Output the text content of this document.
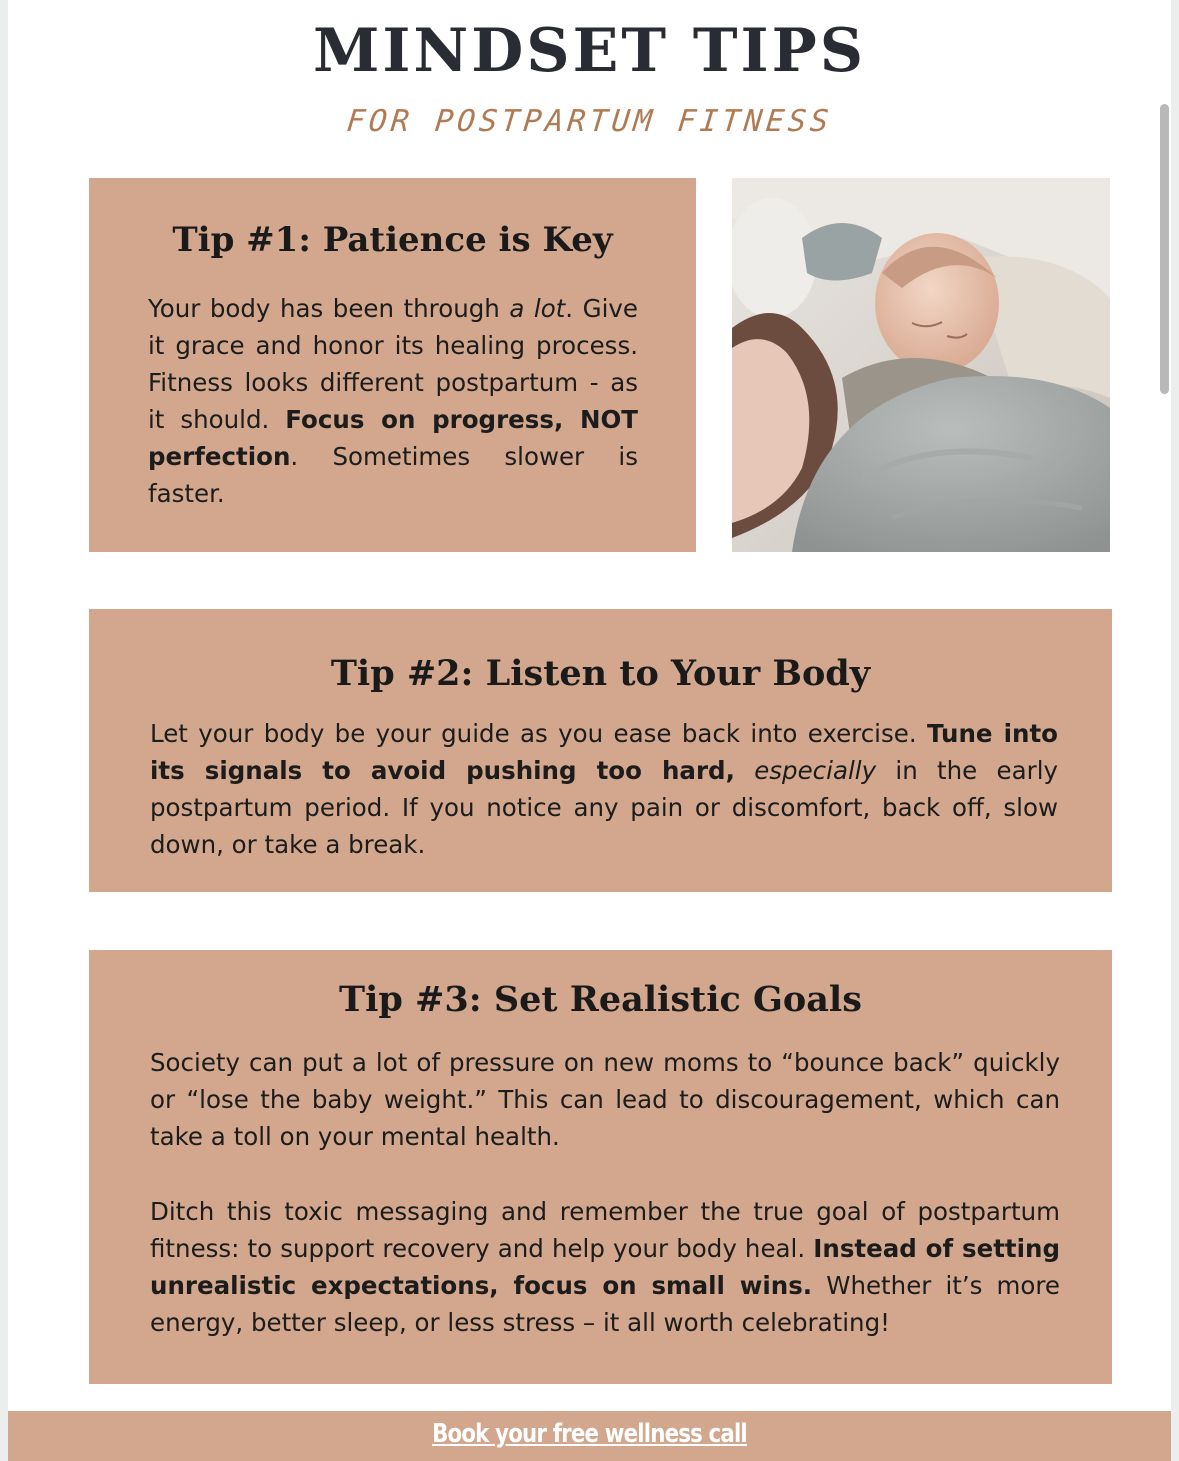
MINDSET TIPS
FOR POSTPARTUM FITNESS
Tip #1: Patience is Key

Your body has been through a lot. Give it grace and honor its healing process. Fitness looks different postpartum - as it should. Focus on progress, NOT perfection. Sometimes slower is faster.

Tip #2: Listen to Your Body

Let your body be your guide as you ease back into exercise. Tune into its signals to avoid pushing too hard, especially in the early postpartum period. If you notice any pain or discomfort, back off, slow down, or take a break.

Tip #3: Set Realistic Goals

Society can put a lot of pressure on new moms to “bounce back” quickly or “lose the baby weight.” This can lead to discouragement, which can take a toll on your mental health.

Ditch this toxic messaging and remember the true goal of postpartum fitness: to support recovery and help your body heal. Instead of setting unrealistic expectations, focus on small wins. Whether it’s more energy, better sleep, or less stress – it all worth celebrating!

Book your free wellness call
